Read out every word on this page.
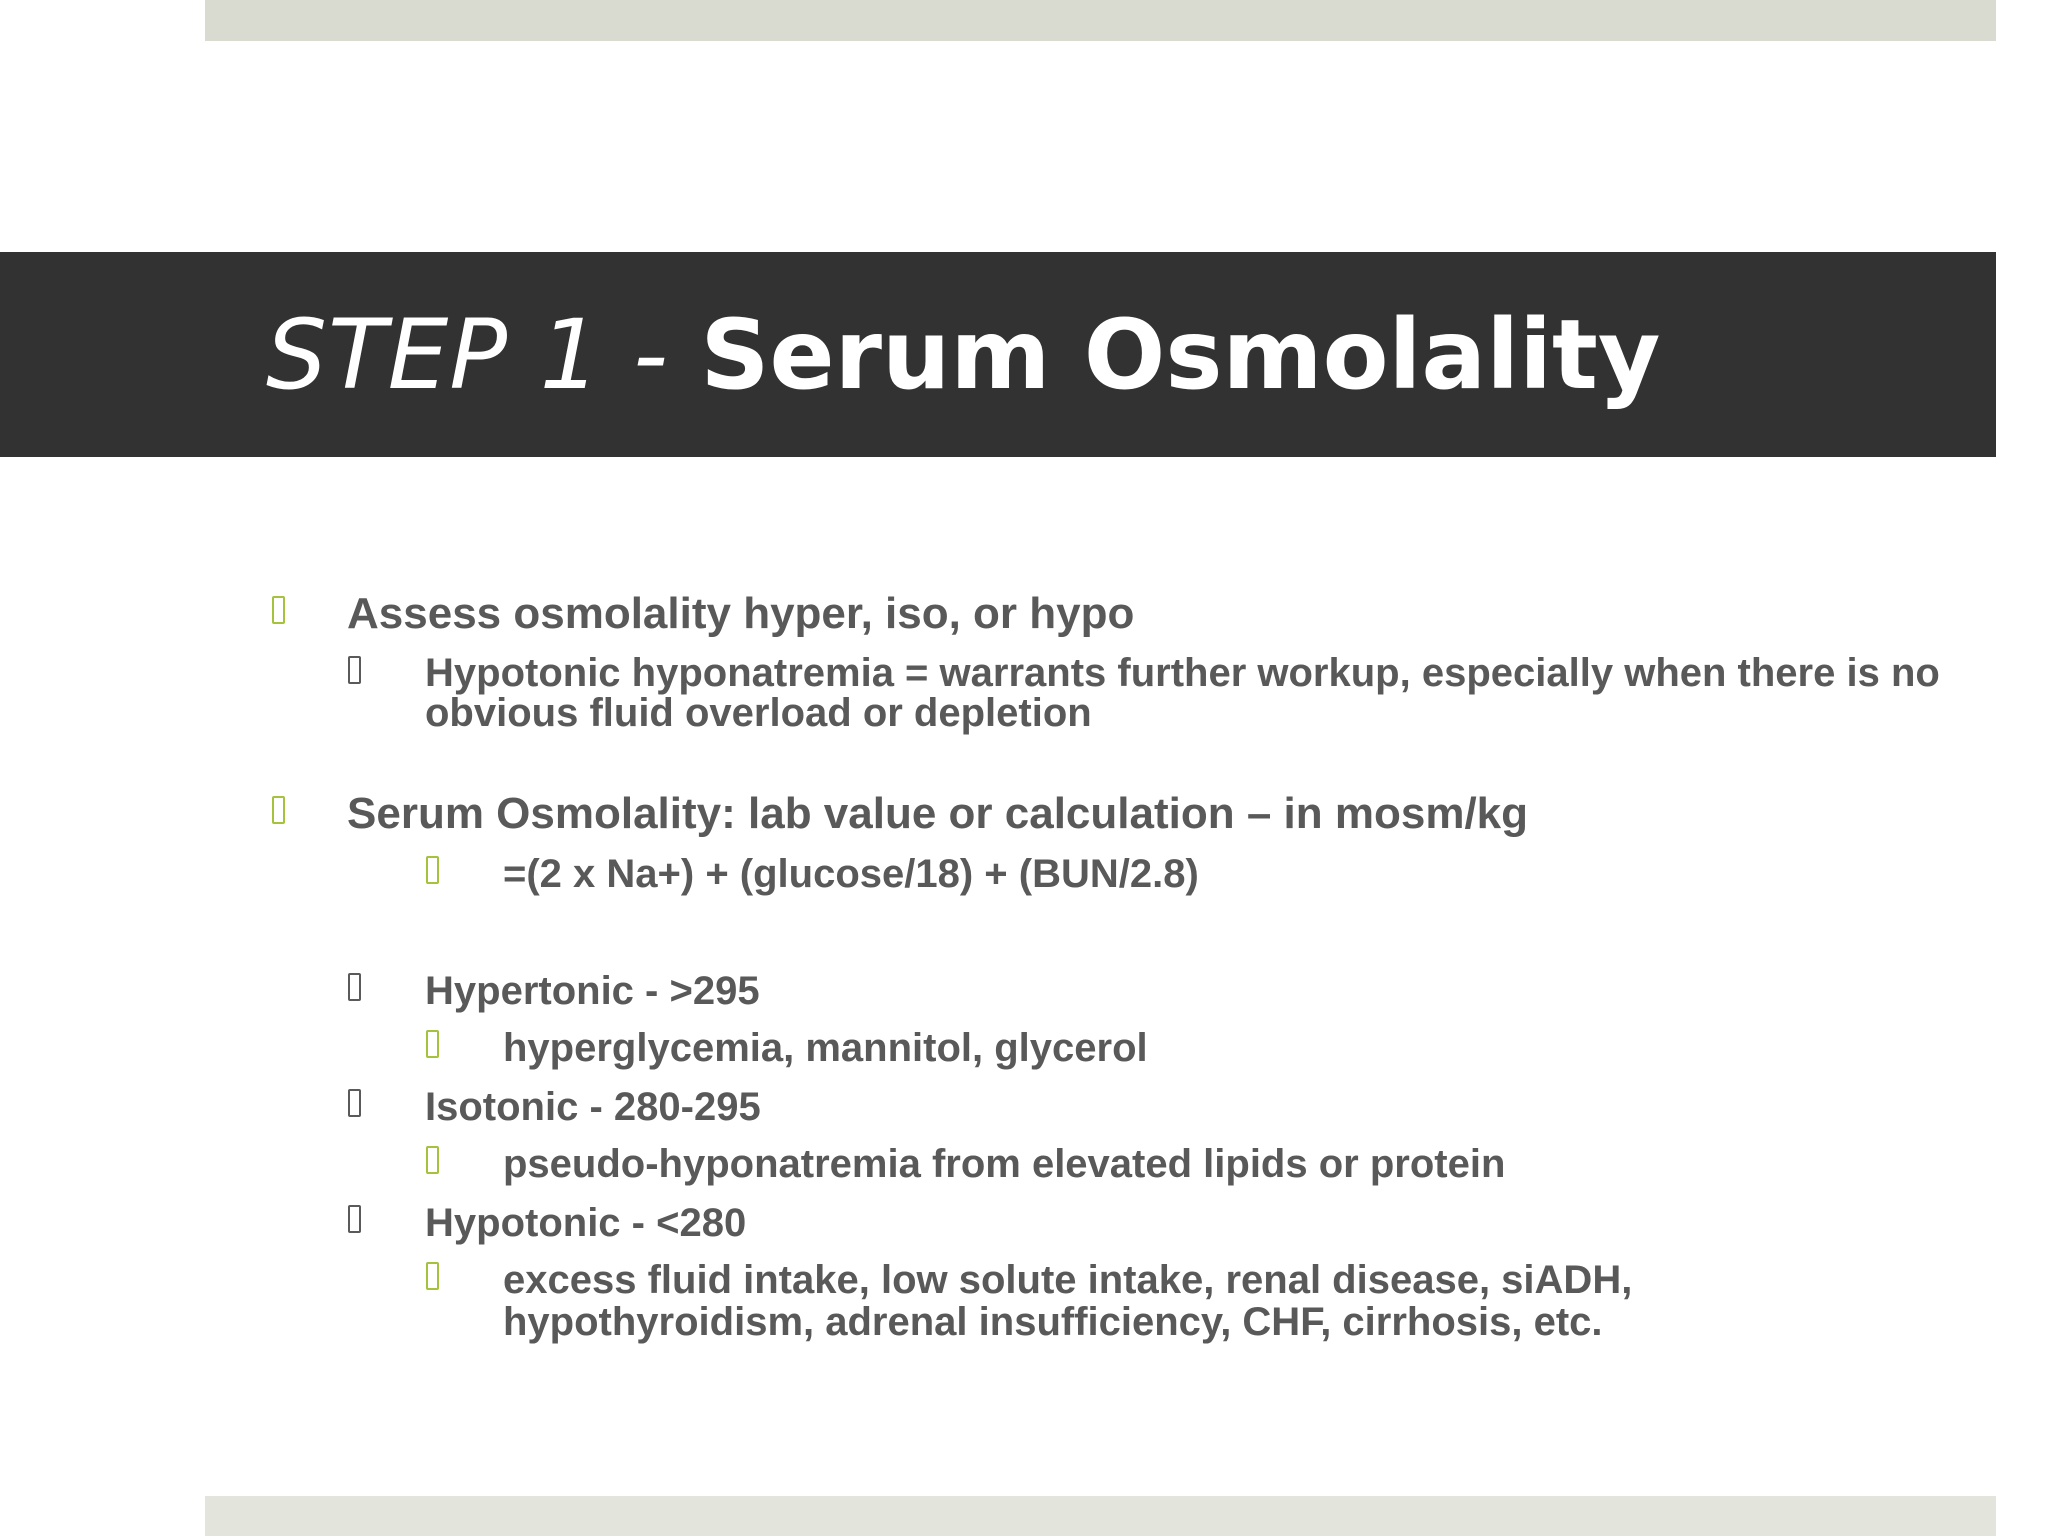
STEP 1 - Serum Osmolality
Assess osmolality hyper, iso, or hypo
Hypotonic hyponatremia = warrants further workup, especially when there is no obvious fluid overload or depletion
Serum Osmolality: lab value or calculation – in mosm/kg
=(2 x Na+) + (glucose/18) + (BUN/2.8)
Hypertonic - >295
hyperglycemia, mannitol, glycerol
Isotonic - 280-295
pseudo-hyponatremia from elevated lipids or protein
Hypotonic - <280
excess fluid intake, low solute intake, renal disease, siADH, hypothyroidism, adrenal insufficiency, CHF, cirrhosis, etc.
